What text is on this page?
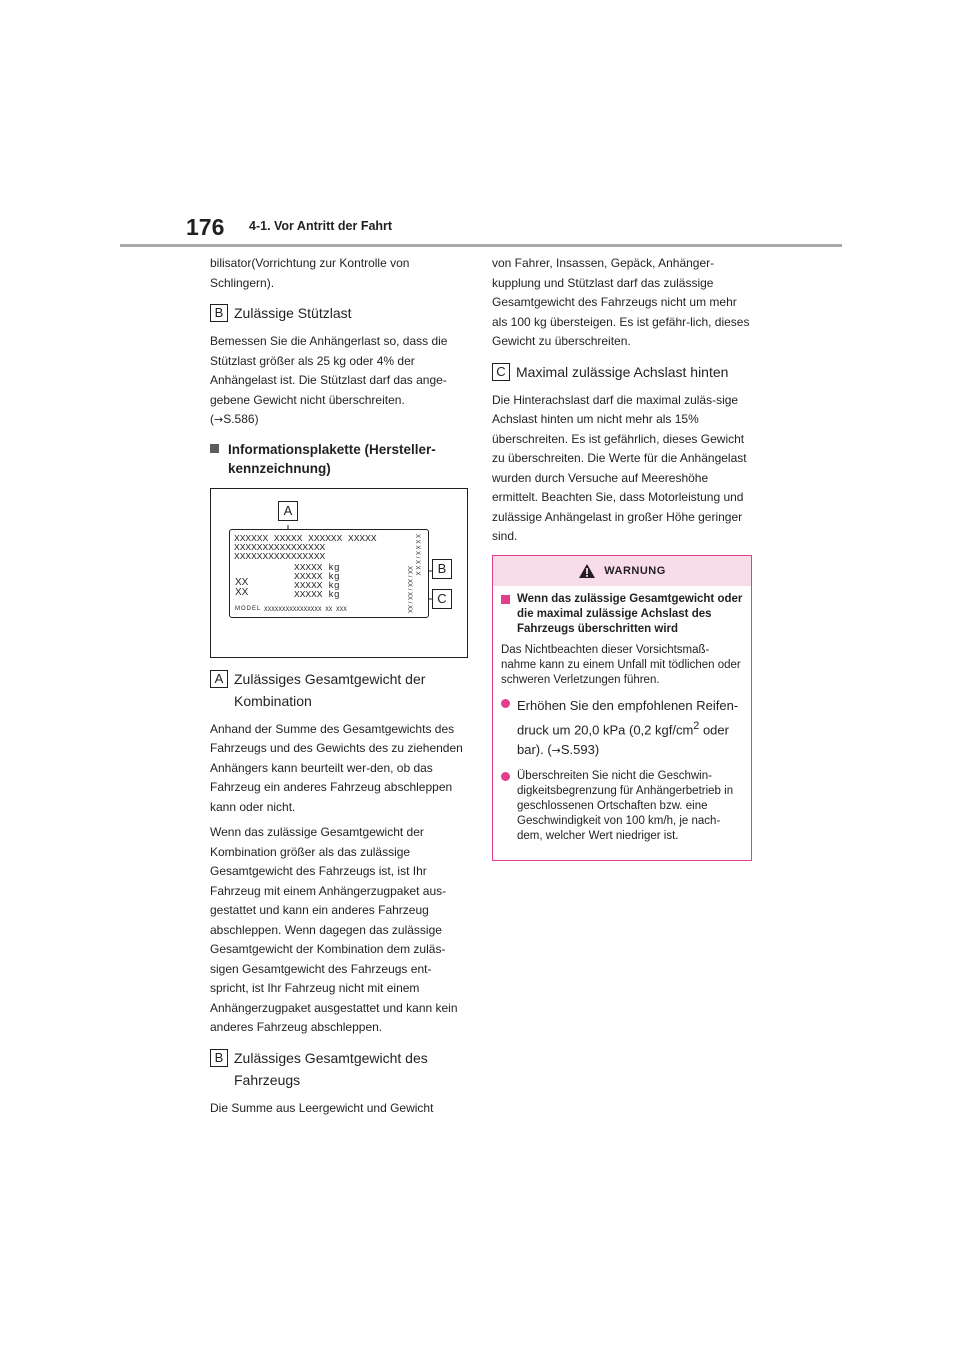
176 4-1. Vor Antritt der Fahrt

bilisator(Vorrichtung zur Kontrolle von Schlingern).

B Zulässige Stützlast

Bemessen Sie die Anhängerlast so, dass die Stützlast größer als 25 kg oder 4% der Anhängelast ist. Die Stützlast darf das ange-gebene Gewicht nicht überschreiten.

(→S.586)

Informationsplakette (Hersteller-kennzeichnung)
XXXXXX XXXXX XXXXXX XXXXX
XXXXXXXXXXXXXXXX
XXXXXXXXXXXXXXXX
XXXXX kg
XXXXX kg
XXXXX kg
XXXXX kg
XX
XX
MODEL XXXXXXXXXXXXXXXX XX XXX
X X X X / X X X
XX / XX / XX / XX
A
B
C
A Zulässiges Gesamtgewicht der Kombination

Anhand der Summe des Gesamtgewichts des Fahrzeugs und des Gewichts des zu ziehenden Anhängers kann beurteilt wer-den, ob das Fahrzeug ein anderes Fahrzeug abschleppen kann oder nicht.

Wenn das zulässige Gesamtgewicht der Kombination größer als das zulässige Gesamtgewicht des Fahrzeugs ist, ist Ihr Fahrzeug mit einem Anhängerzugpaket aus-gestattet und kann ein anderes Fahrzeug abschleppen. Wenn dagegen das zulässige Gesamtgewicht der Kombination dem zuläs-sigen Gesamtgewicht des Fahrzeugs ent-spricht, ist Ihr Fahrzeug nicht mit einem Anhängerzugpaket ausgestattet und kann kein anderes Fahrzeug abschleppen.

B Zulässiges Gesamtgewicht des Fahrzeugs

Die Summe aus Leergewicht und Gewicht

von Fahrer, Insassen, Gepäck, Anhänger-kupplung und Stützlast darf das zulässige Gesamtgewicht des Fahrzeugs nicht um mehr als 100 kg übersteigen. Es ist gefähr-lich, dieses Gewicht zu überschreiten.

C Maximal zulässige Achslast hinten

Die Hinterachslast darf die maximal zuläs-sige Achslast hinten um nicht mehr als 15% überschreiten. Es ist gefährlich, dieses Gewicht zu überschreiten. Die Werte für die Anhängelast wurden durch Versuche auf Meereshöhe ermittelt. Beachten Sie, dass Motorleistung und zulässige Anhängelast in großer Höhe geringer sind.

WARNUNG
Wenn das zulässige Gesamtgewicht oder die maximal zulässige Achslast des Fahrzeugs überschritten wird
Das Nichtbeachten dieser Vorsichtsmaß-nahme kann zu einem Unfall mit tödlichen oder schweren Verletzungen führen.
Erhöhen Sie den empfohlenen Reifen-druck um 20,0 kPa (0,2 kgf/$cm^2$ oder bar). (→S.593)
Überschreiten Sie nicht die Geschwin-digkeitsbegrenzung für Anhängerbetrieb in geschlossenen Ortschaften bzw. eine Geschwindigkeit von 100 km/h, je nach-dem, welcher Wert niedriger ist.
